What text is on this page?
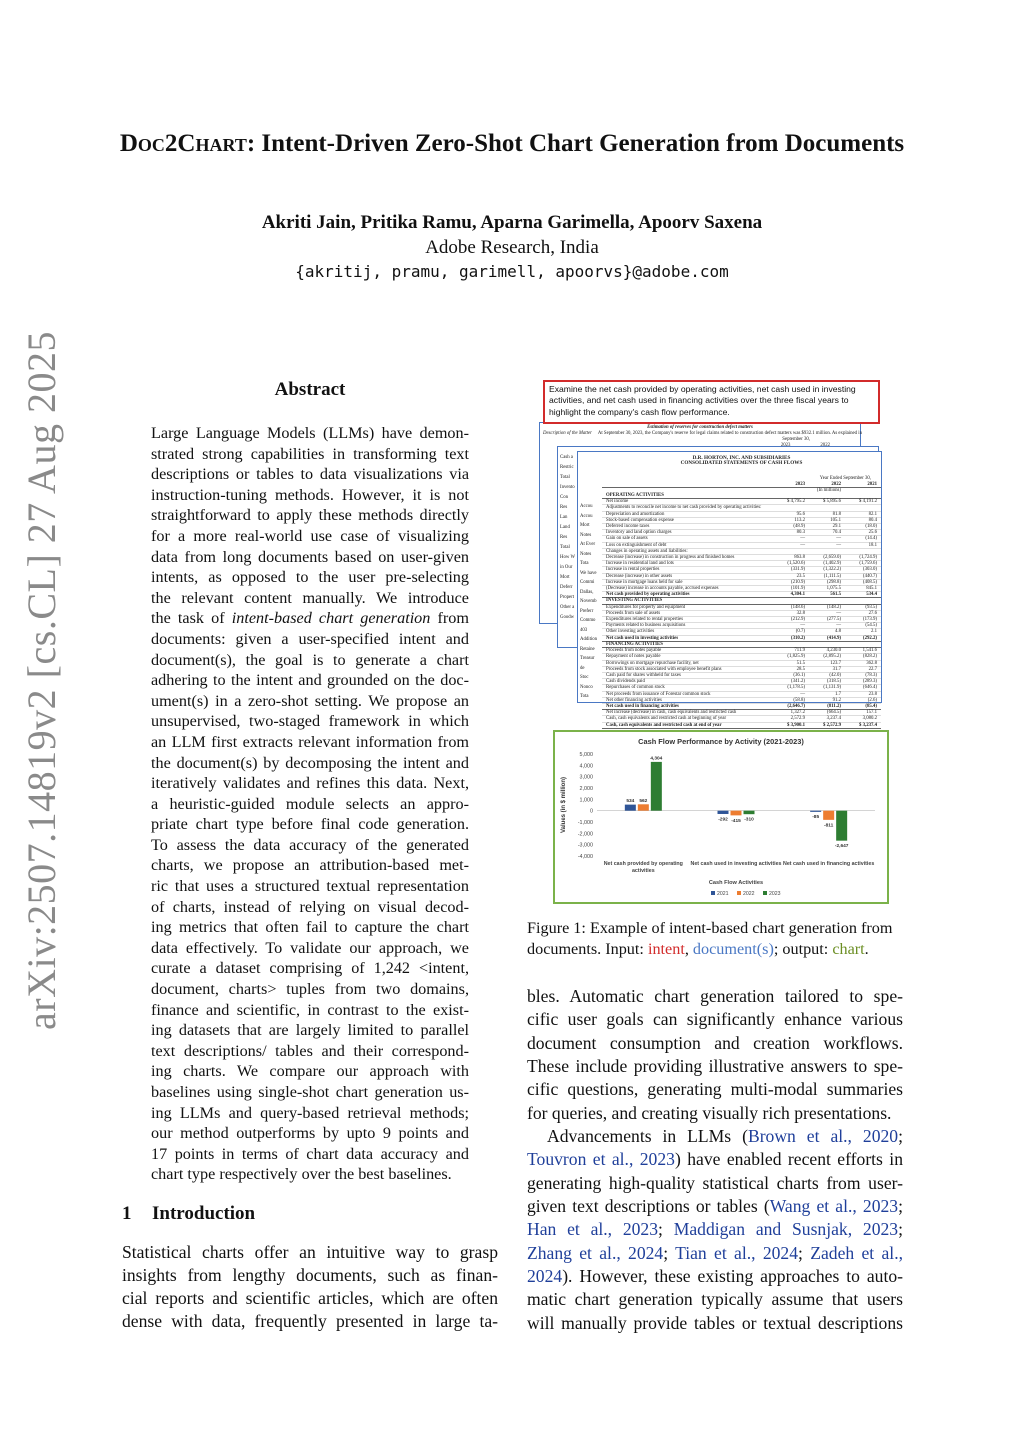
arXiv:2507.14819v2 [cs.CL] 27 Aug 2025
Doc2Chart: Intent-Driven Zero-Shot Chart Generation from Documents
Akriti Jain, Pritika Ramu, Aparna Garimella, Apoorv Saxena
Adobe Research, India
{akritij, pramu, garimell, apoorvs}@adobe.com
Abstract
Large Language Models (LLMs) have demon-
strated strong capabilities in transforming text
descriptions or tables to data visualizations via
instruction-tuning methods. However, it is not
straightforward to apply these methods directly
for a more real-world use case of visualizing
data from long documents based on user-given
intents, as opposed to the user pre-selecting
the relevant content manually. We introduce
the task of intent-based chart generation from
documents: given a user-specified intent and
document(s), the goal is to generate a chart
adhering to the intent and grounded on the doc-
ument(s) in a zero-shot setting. We propose an
unsupervised, two-staged framework in which
an LLM first extracts relevant information from
the document(s) by decomposing the intent and
iteratively validates and refines this data. Next,
a heuristic-guided module selects an appro-
priate chart type before final code generation.
To assess the data accuracy of the generated
charts, we propose an attribution-based met-
ric that uses a structured textual representation
of charts, instead of relying on visual decod-
ing metrics that often fail to capture the chart
data effectively. To validate our approach, we
curate a dataset comprising of 1,242 <intent,
document, charts> tuples from two domains,
finance and scientific, in contrast to the exist-
ing datasets that are largely limited to parallel
text descriptions/ tables and their correspond-
ing charts. We compare our approach with
baselines using single-shot chart generation us-
ing LLMs and query-based retrieval methods;
our method outperforms by upto 9 points and
17 points in terms of chart data accuracy and
chart type respectively over the best baselines.
1 Introduction
Statistical charts offer an intuitive way to grasp
insights from lengthy documents, such as finan-
cial reports and scientific articles, which are often
dense with data, frequently presented in large ta-
Estimation of reserves for construction defect matters
Description of the Matter At September 30, 2023, the Company's reserve for legal claims related to construction defect matters was $932.1 million. As explained in
September 30,
Cash a
Restric
Total
Invento
Con
Res
Lan
Land
Res
Total
How W
in Our
Mort
Deferr
Propert
Other a
Goodw
Accou
Accou
Mort
Notes
At Ever
Notes
Tota
We have
Commi
Dallas,
Novemb
Preferr
Commo
403
Addition
Retaine
Treasur
de
Stoc
Nonco
Tota
D.R. HORTON, INC. AND SUBSIDIARIES
CONSOLIDATED STATEMENTS OF CASH FLOWS
Year Ended September 30,
2023	2022	2021
(In millions)
OPERATING ACTIVITIES
Net income	$ 4,795.2	$ 5,895.6	$ 4,191.2
Adjustments to reconcile net income to net cash provided by operating activities:
Depreciation and amortization	95.6	81.8	82.1
Stock-based compensation expense	113.2	105.1	80.4
Deferred income taxes	(48.9)	29.1	(18.0)
Inventory and land option charges	80.3	70.4	25.6
Gain on sale of assets	—	—	(14.4)
Loss on extinguishment of debt	—	—	18.1
Changes in operating assets and liabilities:
Decrease (increase) in construction in progress and finished homes	863.8	(2,659.0)	(1,724.9)
Increase in residential land and lots	(1,520.6)	(1,402.9)	(1,759.6)
Increase in rental properties	(331.9)	(1,322.2)	(303.0)
Decrease (increase) in other assets	23.5	(1,111.5)	(440.7)
Increase in mortgage loans held for sale	(210.9)	(298.8)	(408.5)
(Decrease) increase in accounts payable, accrued expenses	(101.9)	1,075.5	845.1
Net cash provided by operating activities	4,304.1	561.5	534.4
INVESTING ACTIVITIES
Expenditures for property and equipment	(148.6)	(148.2)	(93.5)
Proceeds from sale of assets	32.8	—	27.6
Expenditures related to rental properties	(212.9)	(277.5)	(173.9)
Payments related to business acquisitions	—	—	(54.5)
Other investing activities	(0.7)	4.8	2.1
Net cash used in investing activities	(310.2)	(414.9)	(292.2)
FINANCING ACTIVITIES
Proceeds from notes payable	711.9	4,230.0	1,541.6
Repayment of notes payable	(1,825.9)	(2,895.2)	(828.2)
Borrowings on mortgage repurchase facility, net	51.5	123.7	362.8
Proceeds from stock associated with employee benefit plans	28.5	31.7	22.7
Cash paid for shares withheld for taxes	(36.1)	(42.0)	(78.3)
Cash dividends paid	(341.2)	(318.5)	(289.3)
Repurchases of common stock	(1,178.5)	(1,131.9)	(646.4)
Net proceeds from issuance of Forestar common stock	—	1.7	23.8
Net other financing activities	(58.8)	91.2	(2.6)
Net cash used in financing activities	(2,646.7)	(811.2)	(85.4)
Net increase (decrease) in cash, cash equivalents and restricted cash	1,327.2	(664.5)	157.1
Cash, cash equivalents and restricted cash at beginning of year	2,572.9	3,237.4	3,080.2
Cash, cash equivalents and restricted cash at end of year	$ 3,900.1	$ 2,572.9	$ 3,237.4
Examine the net cash provided by operating activities, net cash used in investing activities, and net cash used in financing activities over the three fiscal years to highlight the company's cash flow performance.
Cash Flow Performance by Activity (2021-2023)
Values (in $ million)
-4,000
-3,000
-2,000
-1,000
0
1,000
2,000
3,000
4,000
5,000
534 562
4,304
Net cash provided by operating
activities
-292 -415 -310
Net cash used in investing activities
-85
-811
-2,647
Net cash used in financing activities
Cash Flow Activities
2021	2022	2023
Figure 1: Example of intent-based chart generation from
documents. Input: intent, document(s); output: chart.
bles. Automatic chart generation tailored to spe-
cific user goals can significantly enhance various
document consumption and creation workflows.
These include providing illustrative answers to spe-
cific questions, generating multi-modal summaries
for queries, and creating visually rich presentations.
Advancements in LLMs (Brown et al., 2020;
Touvron et al., 2023) have enabled recent efforts in
generating high-quality statistical charts from user-
given text descriptions or tables (Wang et al., 2023;
Han et al., 2023; Maddigan and Susnjak, 2023;
Zhang et al., 2024; Tian et al., 2024; Zadeh et al.,
2024). However, these existing approaches to auto-
matic chart generation typically assume that users
will manually provide tables or textual descriptions
